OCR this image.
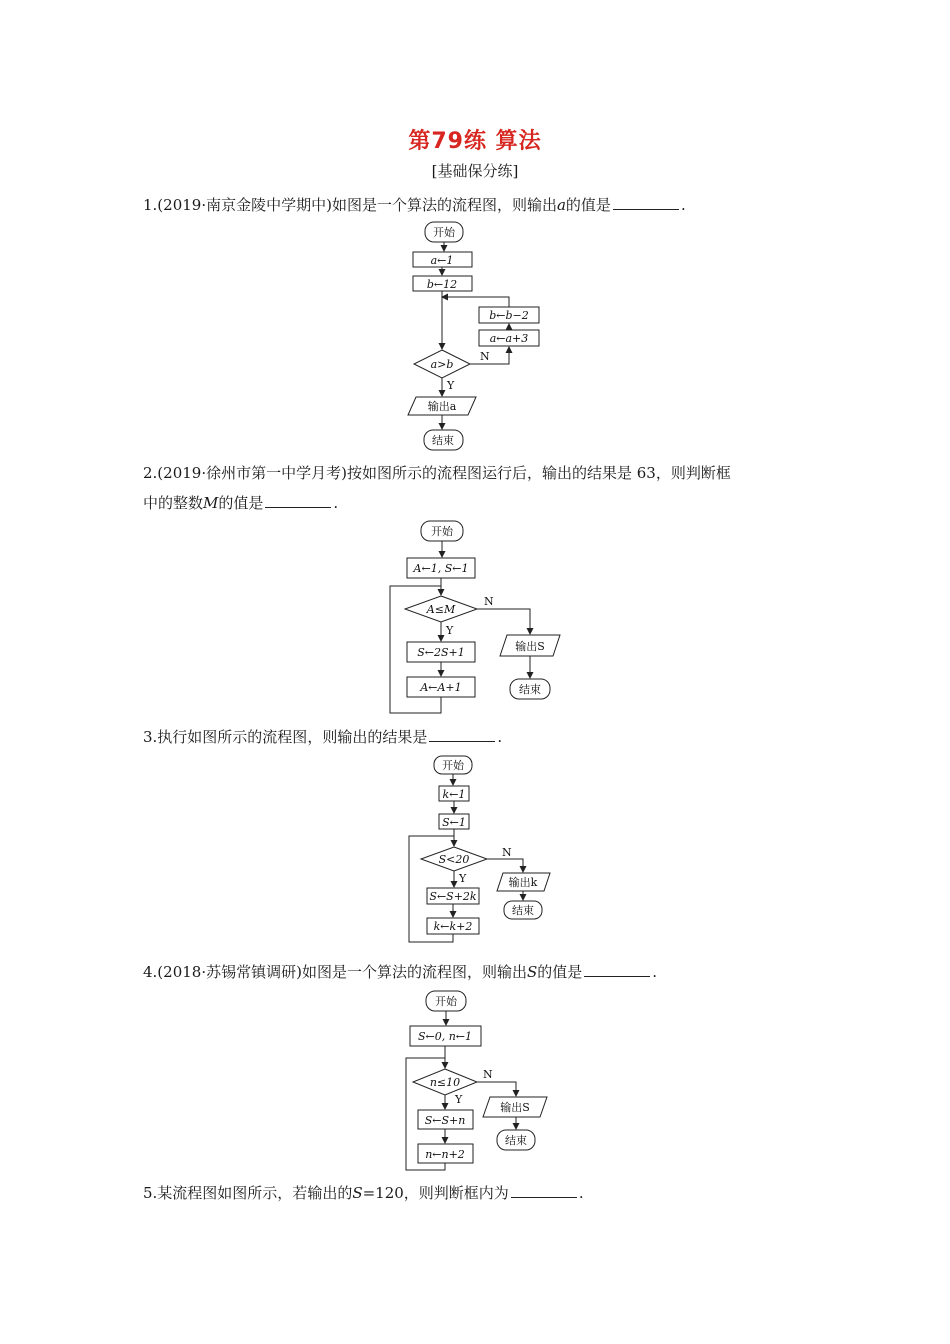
第79练 算法
[基础保分练]
1.(2019·南京金陵中学期中)如图是一个算法的流程图，则输出a的值是	.
开始
a←1
b←12
b←b−2
a←a+3
a>b
N
Y
输出a
结束
2.(2019·徐州市第一中学月考)按如图所示的流程图运行后，输出的结果是 63，则判断框
中的整数M的值是	.
开始
A←1, S←1
A≤M
N
Y
S←2S+1
A←A+1
输出S
结束
3.执行如图所示的流程图，则输出的结果是	.
开始
k←1
S←1
S<20
N
Y
S←S+2k
k←k+2
输出k
结束
4.(2018·苏锡常镇调研)如图是一个算法的流程图，则输出S的值是	.
开始
S←0, n←1
n≤10
N
Y
S←S+n
n←n+2
输出S
结束
5.某流程图如图所示，若输出的S=120，则判断框内为	.
